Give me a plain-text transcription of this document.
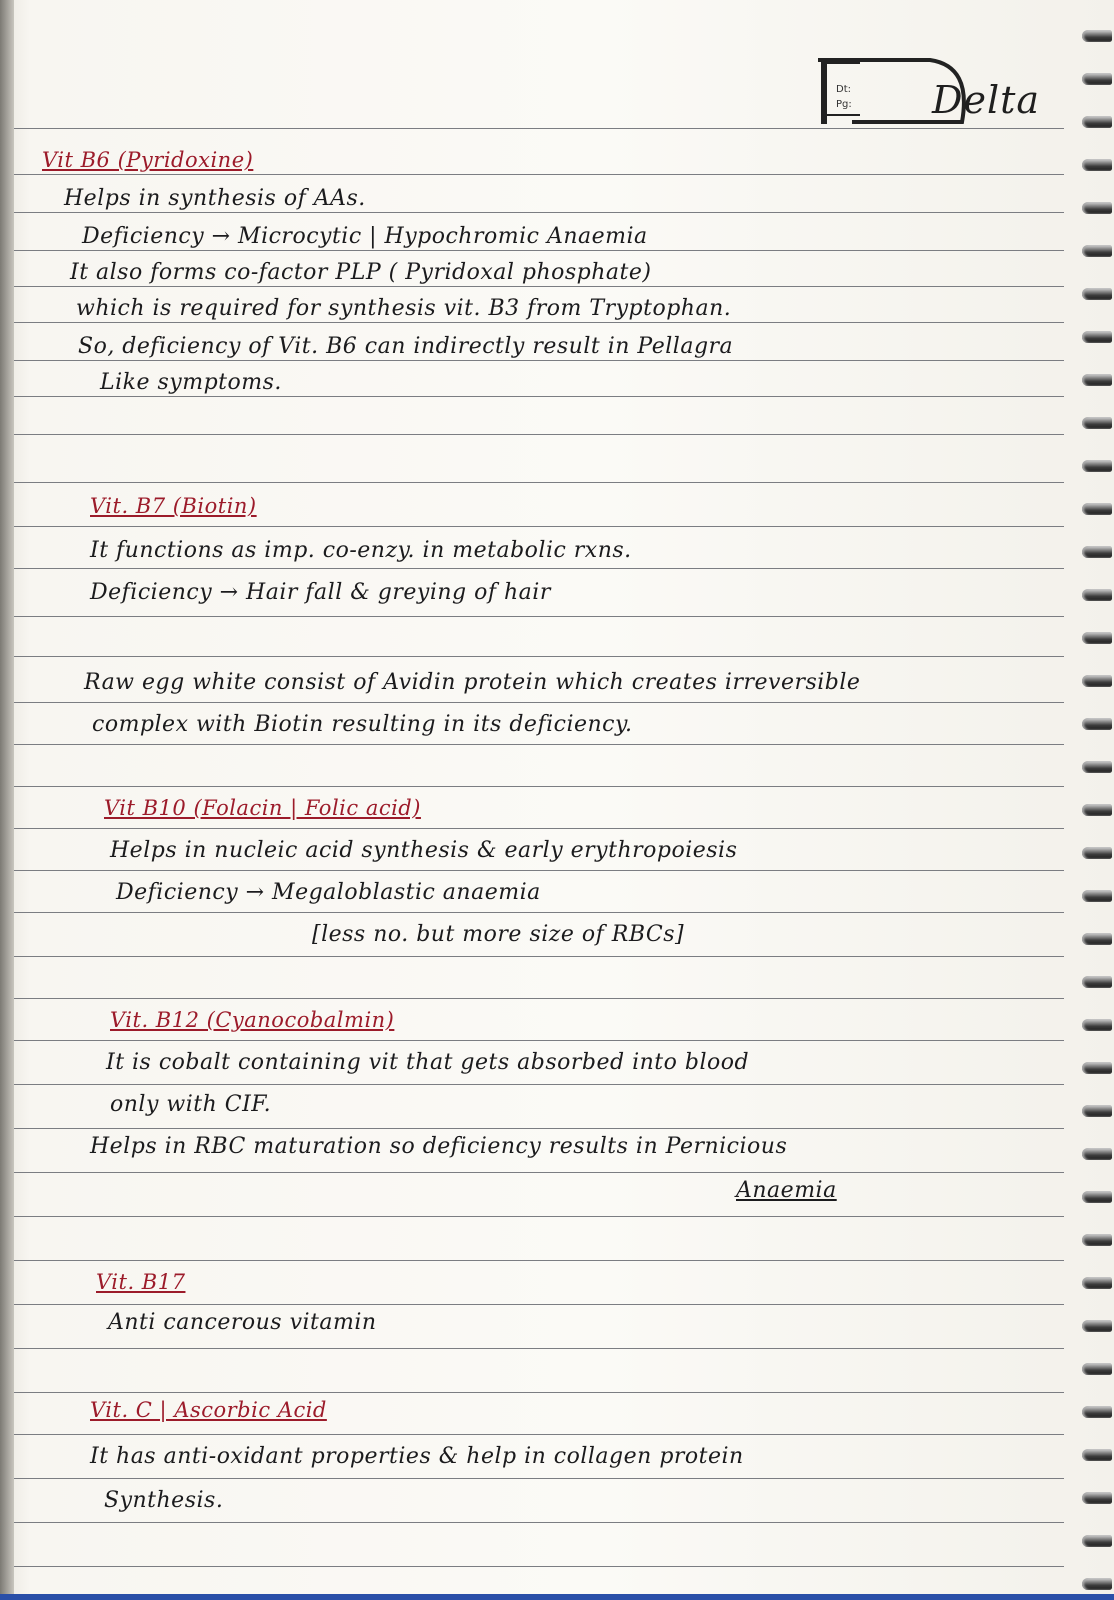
Dt:
Pg: Delta
Vit B6 (Pyridoxine)
Helps in synthesis of AAs.
Deficiency → Microcytic | Hypochromic Anaemia
It also forms co-factor PLP ( Pyridoxal phosphate)
which is required for synthesis vit. B3 from Tryptophan.
So, deficiency of Vit. B6 can indirectly result in Pellagra
Like symptoms.
Vit. B7 (Biotin)
It functions as imp. co-enzy. in metabolic rxns.
Deficiency → Hair fall & greying of hair
Raw egg white consist of Avidin protein which creates irreversible
complex with Biotin resulting in its deficiency.
Vit B10 (Folacin | Folic acid)
Helps in nucleic acid synthesis & early erythropoiesis
Deficiency → Megaloblastic anaemia
[less no. but more size of RBCs]
Vit. B12 (Cyanocobalmin)
It is cobalt containing vit that gets absorbed into blood
only with CIF.
Helps in RBC maturation so deficiency results in Pernicious
Anaemia
Vit. B17
Anti cancerous vitamin
Vit. C | Ascorbic Acid
It has anti-oxidant properties & help in collagen protein
Synthesis.
